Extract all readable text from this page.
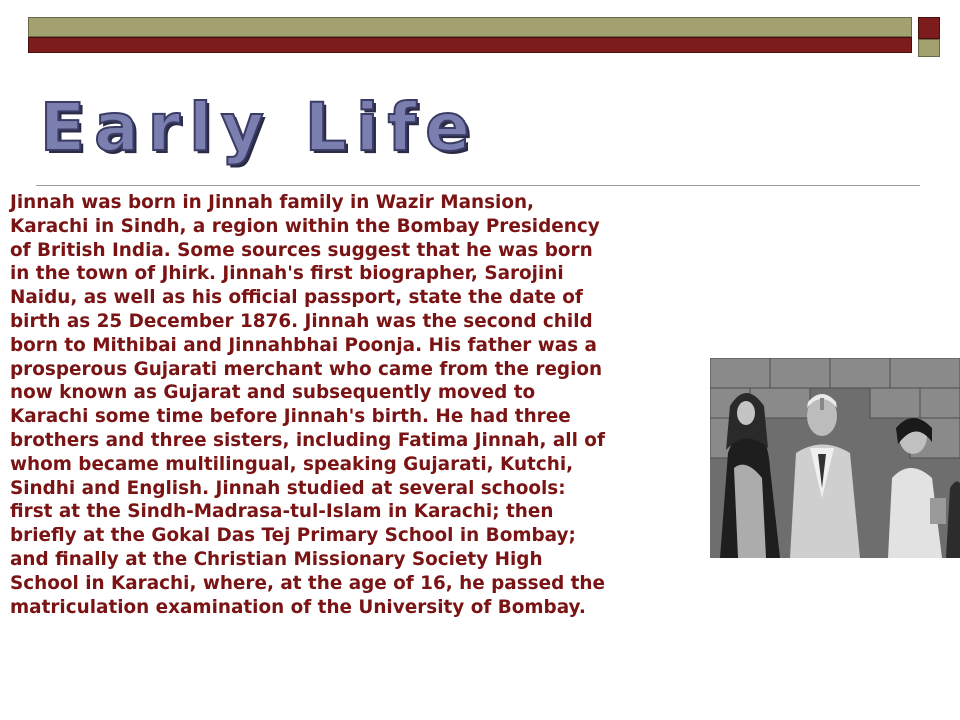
Early Life
Jinnah was born in Jinnah family in Wazir Mansion,
Karachi in Sindh, a region within the Bombay Presidency
of British India. Some sources suggest that he was born
in the town of Jhirk. Jinnah's first biographer, Sarojini
Naidu, as well as his official passport, state the date of
birth as 25 December 1876. Jinnah was the second child
born to Mithibai and Jinnahbhai Poonja. His father was a
prosperous Gujarati merchant who came from the region
now known as Gujarat and subsequently moved to
Karachi some time before Jinnah's birth. He had three
brothers and three sisters, including Fatima Jinnah, all of
whom became multilingual, speaking Gujarati, Kutchi,
Sindhi and English. Jinnah studied at several schools:
first at the Sindh-Madrasa-tul-Islam in Karachi; then
briefly at the Gokal Das Tej Primary School in Bombay;
and finally at the Christian Missionary Society High
School in Karachi, where, at the age of 16, he passed the
matriculation examination of the University of Bombay.
